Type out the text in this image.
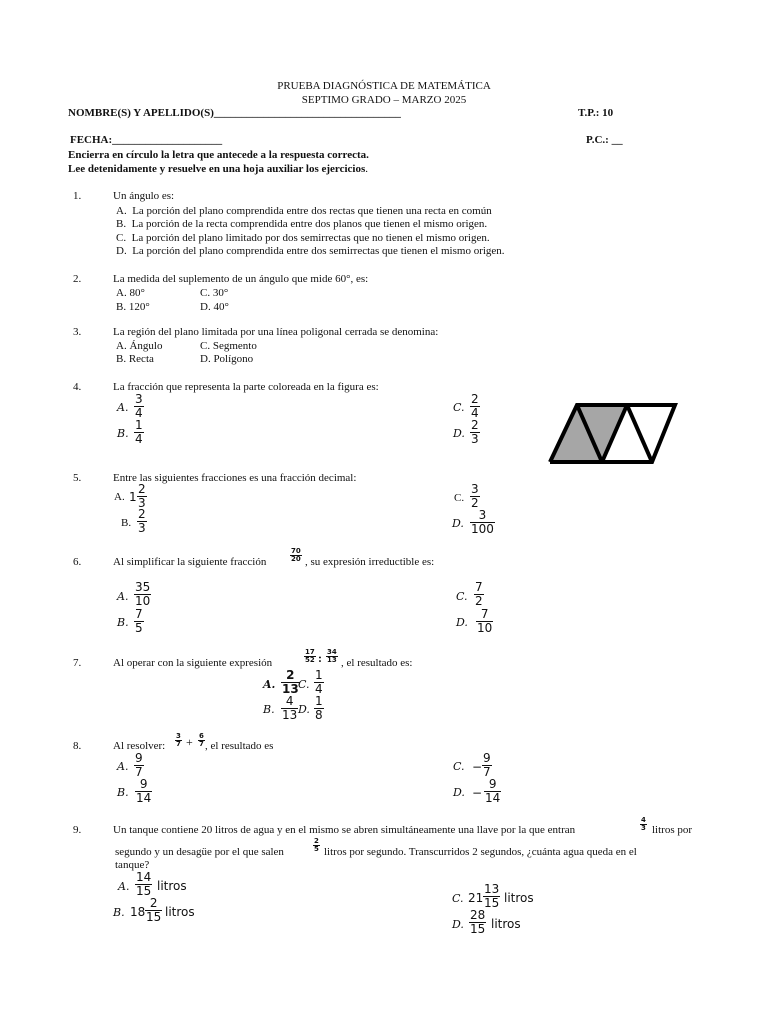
PRUEBA DIAGNÓSTICA DE MATEMÁTICA
SEPTIMO GRADO – MARZO 2025
NOMBRE(S) Y APELLIDO(S)__________________________________	T.P.: 10
FECHA:____________________	P.C.: __
Encierra en círculo la letra que antecede a la respuesta correcta.
Lee detenidamente y resuelve en una hoja auxiliar los ejercicios.
1.	Un ángulo es:
A. La porción del plano comprendida entre dos rectas que tienen una recta en común
B. La porción de la recta comprendida entre dos planos que tienen el mismo origen.
C. La porción del plano limitado por dos semirrectas que no tienen el mismo origen.
D. La porción del plano comprendida entre dos semirrectas que tienen el mismo origen.
2.	La medida del suplemento de un ángulo que mide 60°, es:
A. 80°	C. 30°
B. 120°	D. 40°
3.	La región del plano limitada por una línea poligonal cerrada se denomina:
A. Ángulo	C. Segmento
B. Recta	D. Polígono
4.	La fracción que representa la parte coloreada en la figura es:
A. $\frac{3}{4}$
B. $\frac{1}{4}$
C. $\frac{2}{4}$
D. $\frac{2}{3}$
5.	Entre las siguientes fracciones es una fracción decimal:
A. $1 \frac{2}{3}$
B. $\frac{2}{3}$
C. $\frac{3}{2}$
D. $\frac{3}{100}$
6.	Al simplificar la siguiente fracción	$\frac{70}{20}$ , su expresión irreductible es:
A. $\frac{35}{10}$
B. $\frac{7}{5}$
C. $\frac{7}{2}$
D. $\frac{7}{10}$
7.	Al operar con la siguiente expresión	$\frac{17}{52}$ : $\frac{34}{13}$ , el resultado es:
A. $\frac{2}{13}$
C. $\frac{1}{4}$
B. $\frac{4}{13} D$. $\frac{1}{8}$
8.	Al resolver: $\frac{3}{7} + \frac{6}{7}$ , el resultado es
A. $\frac{9}{7}$
B. $\frac{9}{14}$
C. − $\frac{9}{7}$
D. − $\frac{9}{14}$
9.	Un tanque contiene 20 litros de agua y en el mismo se abren simultáneamente una llave por la que entran	$\frac{4}{3}$ litros por
segundo y un desagüe por el que salen	$\frac{2}{5}$ litros por segundo. Transcurridos 2 segundos, ¿cuánta agua queda en el
tanque?
A. $\frac{14}{15}$ litros
B. $18 \frac{2}{15}$ litros
C. $21 \frac{13}{15}$ litros
D. $\frac{28}{15}$ litros
